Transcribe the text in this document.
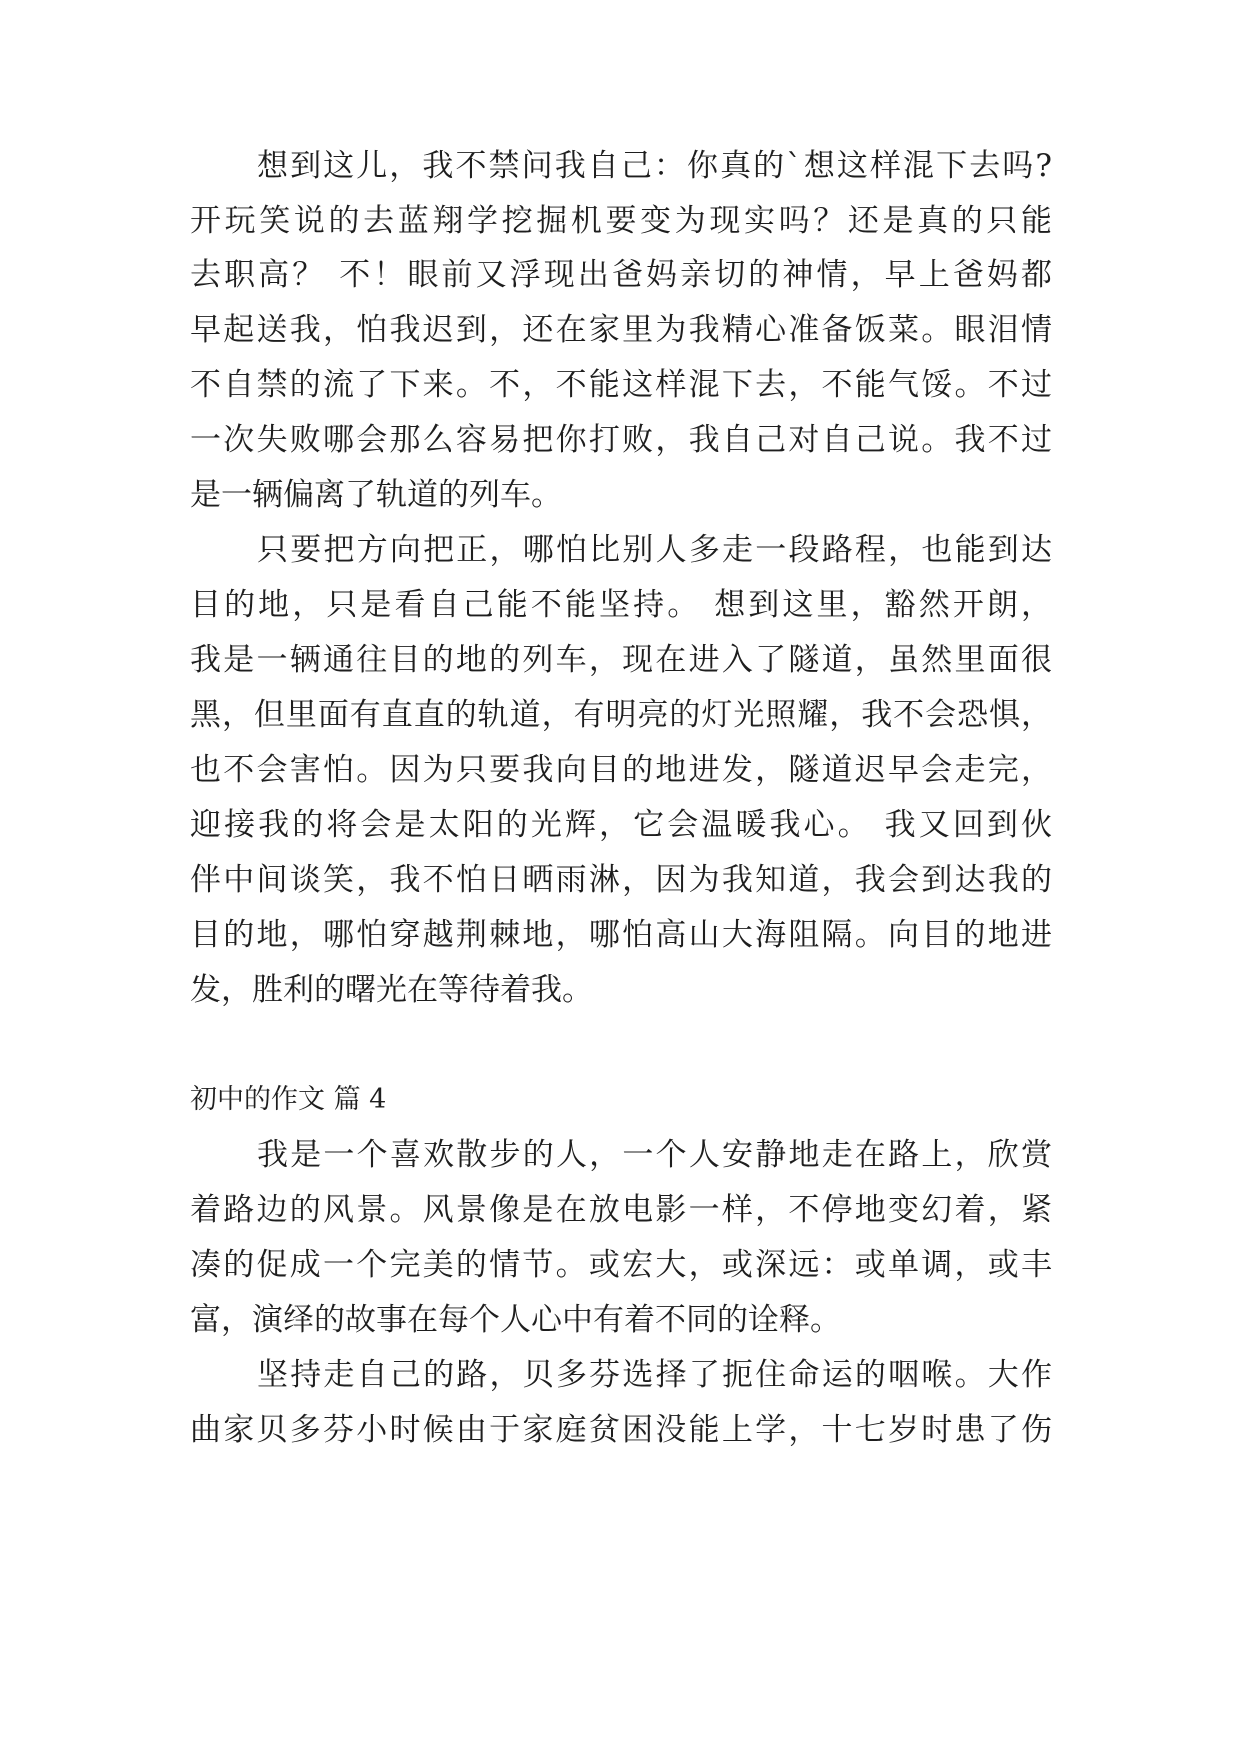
想到这儿，我不禁问我自己：你真的`想这样混下去吗?
开玩笑说的去蓝翔学挖掘机要变为现实吗？还是真的只能
去职高？ 不！眼前又浮现出爸妈亲切的神情，早上爸妈都
早起送我，怕我迟到，还在家里为我精心准备饭菜。眼泪情
不自禁的流了下来。不，不能这样混下去，不能气馁。不过
一次失败哪会那么容易把你打败，我自己对自己说。我不过
是一辆偏离了轨道的列车。
只要把方向把正，哪怕比别人多走一段路程，也能到达
目的地，只是看自己能不能坚持。 想到这里，豁然开朗，
我是一辆通往目的地的列车，现在进入了隧道，虽然里面很
黑，但里面有直直的轨道，有明亮的灯光照耀，我不会恐惧，
也不会害怕。因为只要我向目的地进发，隧道迟早会走完，
迎接我的将会是太阳的光辉，它会温暖我心。 我又回到伙
伴中间谈笑，我不怕日晒雨淋，因为我知道，我会到达我的
目的地，哪怕穿越荆棘地，哪怕高山大海阻隔。向目的地进
发，胜利的曙光在等待着我。
初中的作文 篇 4
我是一个喜欢散步的人，一个人安静地走在路上，欣赏
着路边的风景。风景像是在放电影一样，不停地变幻着，紧
凑的促成一个完美的情节。或宏大，或深远：或单调，或丰
富，演绎的故事在每个人心中有着不同的诠释。
坚持走自己的路，贝多芬选择了扼住命运的咽喉。大作
曲家贝多芬小时候由于家庭贫困没能上学，十七岁时患了伤
